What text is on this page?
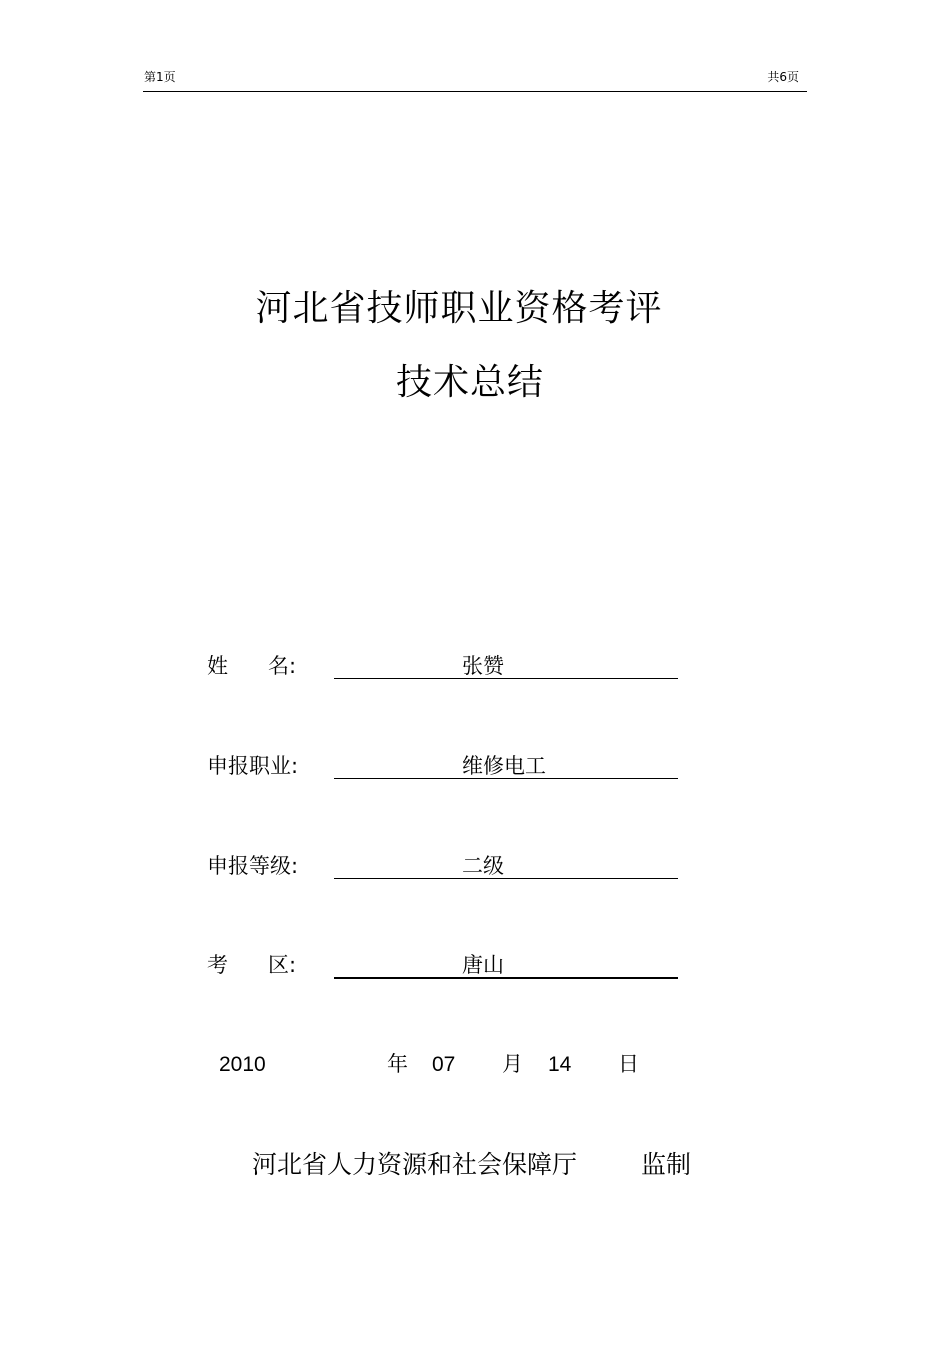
第1页	共6页
河北省技师职业资格考评
技术总结
姓      名:	张赞
申报职业:	维修电工
申报等级:	二级
考      区:	唐山
2010	年 07 月 14 日
河北省人力资源和社会保障厅	监制
